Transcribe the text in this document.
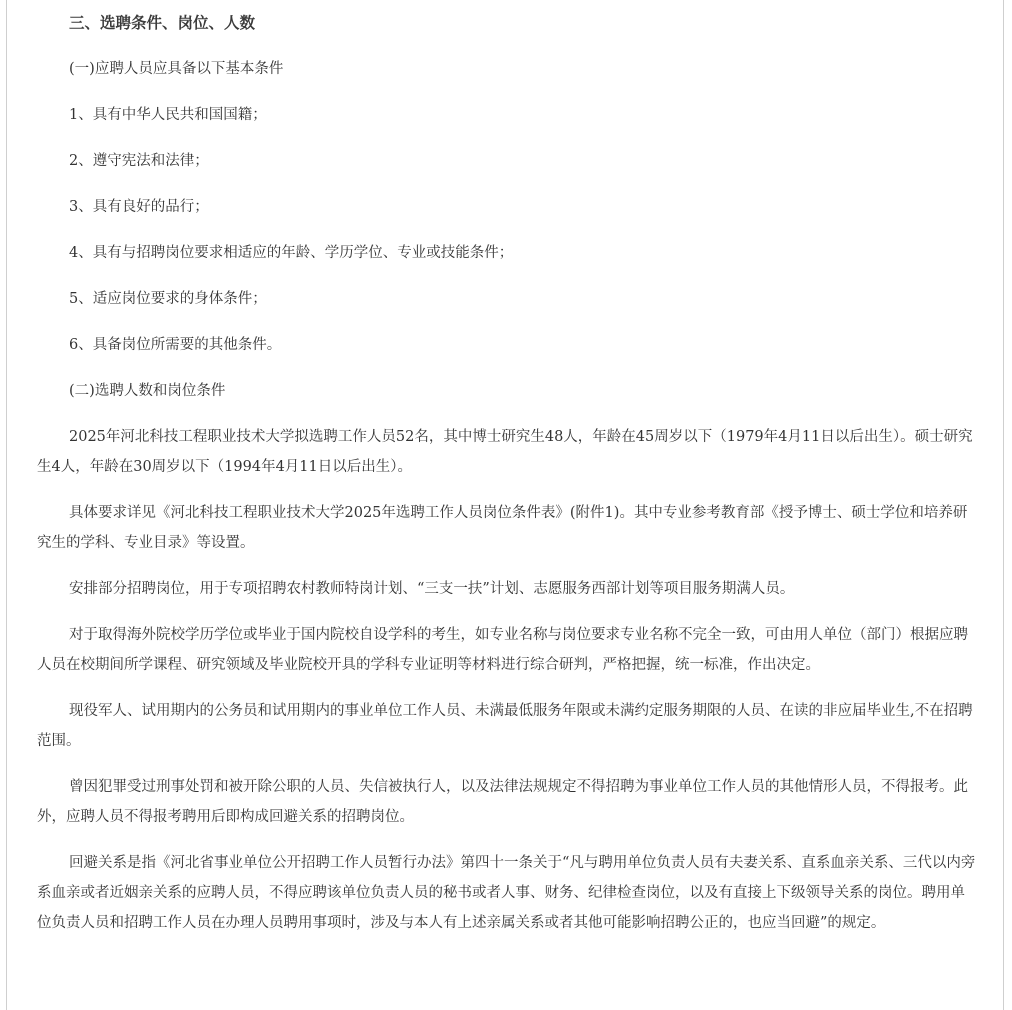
三、选聘条件、岗位、人数

(一)应聘人员应具备以下基本条件

1、具有中华人民共和国国籍；

2、遵守宪法和法律；

3、具有良好的品行；

4、具有与招聘岗位要求相适应的年龄、学历学位、专业或技能条件；

5、适应岗位要求的身体条件；

6、具备岗位所需要的其他条件。

(二)选聘人数和岗位条件

2025年河北科技工程职业技术大学拟选聘工作人员52名，其中博士研究生48人，年龄在45周岁以下（1979年4月11日以后出生）。硕士研究生4人，年龄在30周岁以下（1994年4月11日以后出生）。

具体要求详见《河北科技工程职业技术大学2025年选聘工作人员岗位条件表》(附件1)。其中专业参考教育部《授予博士、硕士学位和培养研究生的学科、专业目录》等设置。

安排部分招聘岗位，用于专项招聘农村教师特岗计划、“三支一扶”计划、志愿服务西部计划等项目服务期满人员。

对于取得海外院校学历学位或毕业于国内院校自设学科的考生，如专业名称与岗位要求专业名称不完全一致，可由用人单位（部门）根据应聘人员在校期间所学课程、研究领域及毕业院校开具的学科专业证明等材料进行综合研判，严格把握，统一标准，作出决定。

现役军人、试用期内的公务员和试用期内的事业单位工作人员、未满最低服务年限或未满约定服务期限的人员、在读的非应届毕业生,不在招聘范围。

曾因犯罪受过刑事处罚和被开除公职的人员、失信被执行人，以及法律法规规定不得招聘为事业单位工作人员的其他情形人员，不得报考。此外，应聘人员不得报考聘用后即构成回避关系的招聘岗位。

回避关系是指《河北省事业单位公开招聘工作人员暂行办法》第四十一条关于“凡与聘用单位负责人员有夫妻关系、直系血亲关系、三代以内旁系血亲或者近姻亲关系的应聘人员，不得应聘该单位负责人员的秘书或者人事、财务、纪律检查岗位，以及有直接上下级领导关系的岗位。聘用单位负责人员和招聘工作人员在办理人员聘用事项时，涉及与本人有上述亲属关系或者其他可能影响招聘公正的，也应当回避”的规定。
